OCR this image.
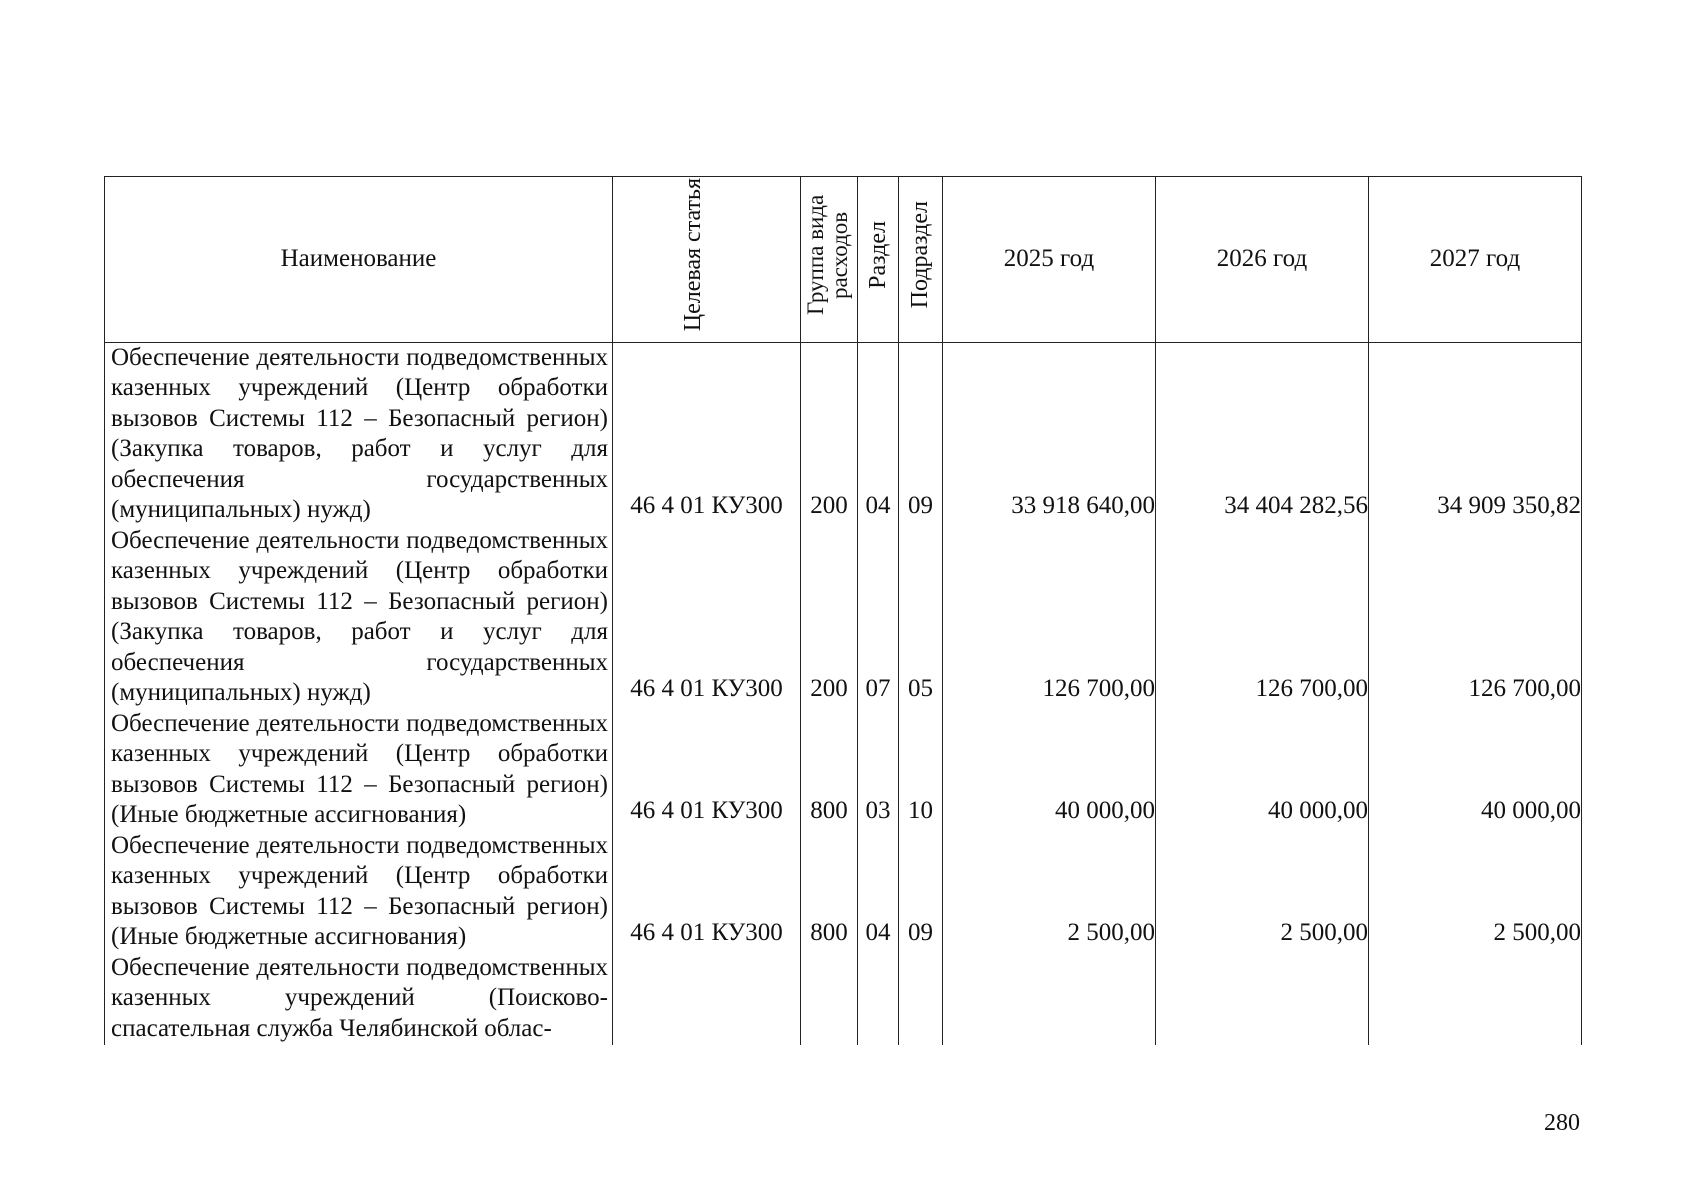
Наименование	Целевая статья	Группа вида расходов	Раздел	Подраздел	2025 год	2026 год	2027 год

Обеспечение деятельности подведомственных казенных учреждений (Центр обработки вызовов Системы 112 – Безопасный регион) (Закупка товаров, работ и услуг для обеспечения государственных (муниципальных) нужд)	46 4 01 КУ300	200	04	09	33 918 640,00	34 404 282,56	34 909 350,82

Обеспечение деятельности подведомственных казенных учреждений (Центр обработки вызовов Системы 112 – Безопасный регион) (Закупка товаров, работ и услуг для обеспечения государственных (муниципальных) нужд)	46 4 01 КУ300	200	07	05	126 700,00	126 700,00	126 700,00

Обеспечение деятельности подведомственных казенных учреждений (Центр обработки вызовов Системы 112 – Безопасный регион) (Иные бюджетные ассигнования)	46 4 01 КУ300	800	03	10	40 000,00	40 000,00	40 000,00

Обеспечение деятельности подведомственных казенных учреждений (Центр обработки вызовов Системы 112 – Безопасный регион) (Иные бюджетные ассигнования)	46 4 01 КУ300	800	04	09	2 500,00	2 500,00	2 500,00

Обеспечение деятельности подведомственных казенных учреждений (Поисково-спасательная служба Челябинской облас-							

280
